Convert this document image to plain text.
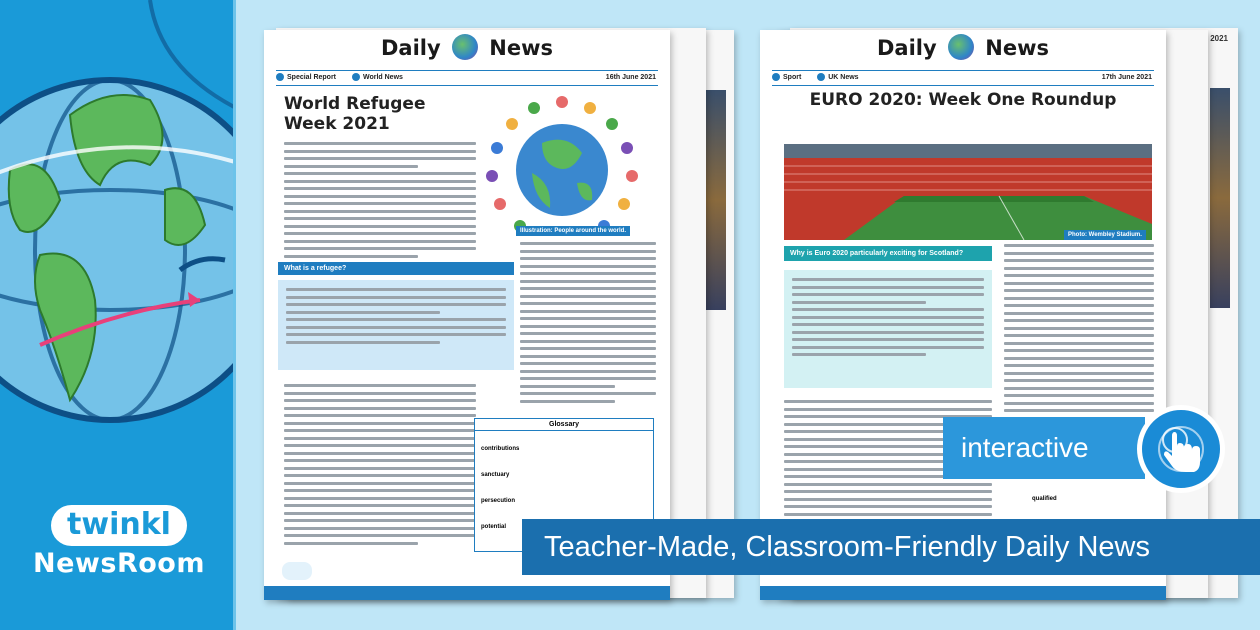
twinkl
NewsRoom
2021
Daily News
Special Report	World News	16th June 2021
World Refugee
Week 2021
Illustration: People around the world.
What is a refugee?
Glossary
contributions
sanctuary
persecution
potential
Daily News
Sport	UK News	17th June 2021
EURO 2020: Week One Roundup
Why is Euro 2020 particularly exciting for Scotland?
Photo: Wembley Stadium.
qualified
interactive
Teacher-Made, Classroom-Friendly Daily News
